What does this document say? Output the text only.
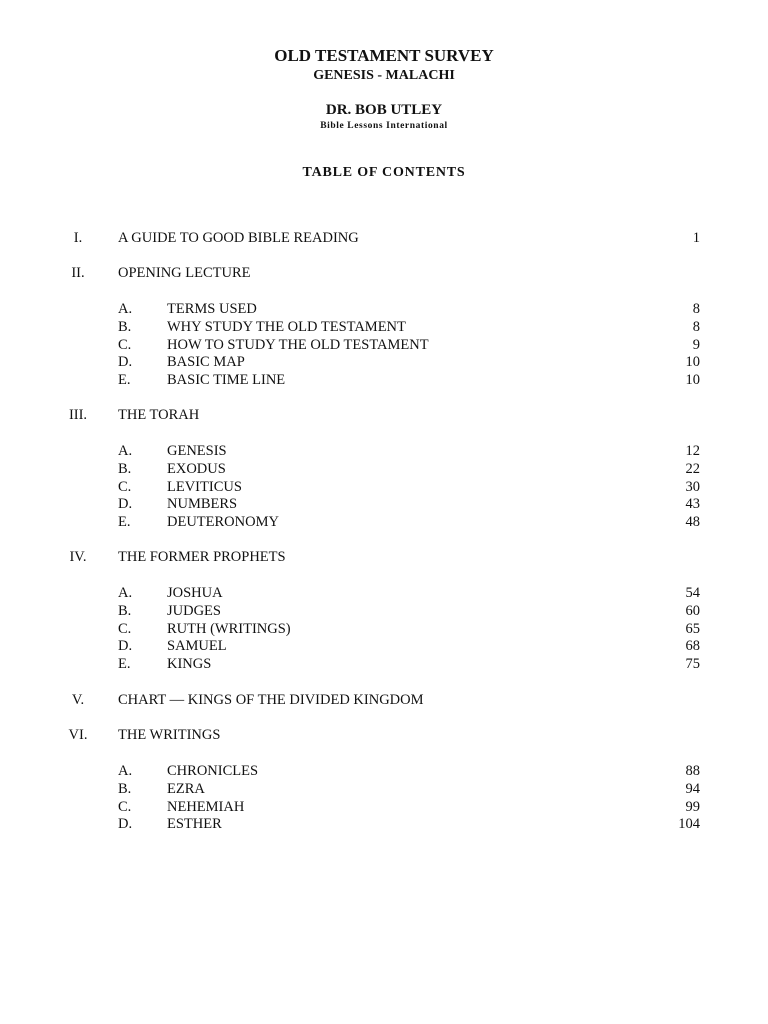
OLD TESTAMENT SURVEY
GENESIS - MALACHI
DR. BOB UTLEY
Bible Lessons International
TABLE OF CONTENTS
I.	A GUIDE TO GOOD BIBLE READING	1
II.	OPENING LECTURE
A. TERMS USED	8
B. WHY STUDY THE OLD TESTAMENT	8
C. HOW TO STUDY THE OLD TESTAMENT	9
D. BASIC MAP	10
E.	BASIC TIME LINE	10
III.	THE TORAH
A. GENESIS	12
B. EXODUS	22
C. LEVITICUS	30
D. NUMBERS	43
E.	DEUTERONOMY	48
IV.	THE FORMER PROPHETS
A. JOSHUA	54
B. JUDGES	60
C. RUTH (WRITINGS)	65
D. SAMUEL	68
E.	KINGS	75
V.	CHART — KINGS OF THE DIVIDED KINGDOM
VI.	THE WRITINGS
A. CHRONICLES	88
B. EZRA	94
C. NEHEMIAH	99
D. ESTHER	104
